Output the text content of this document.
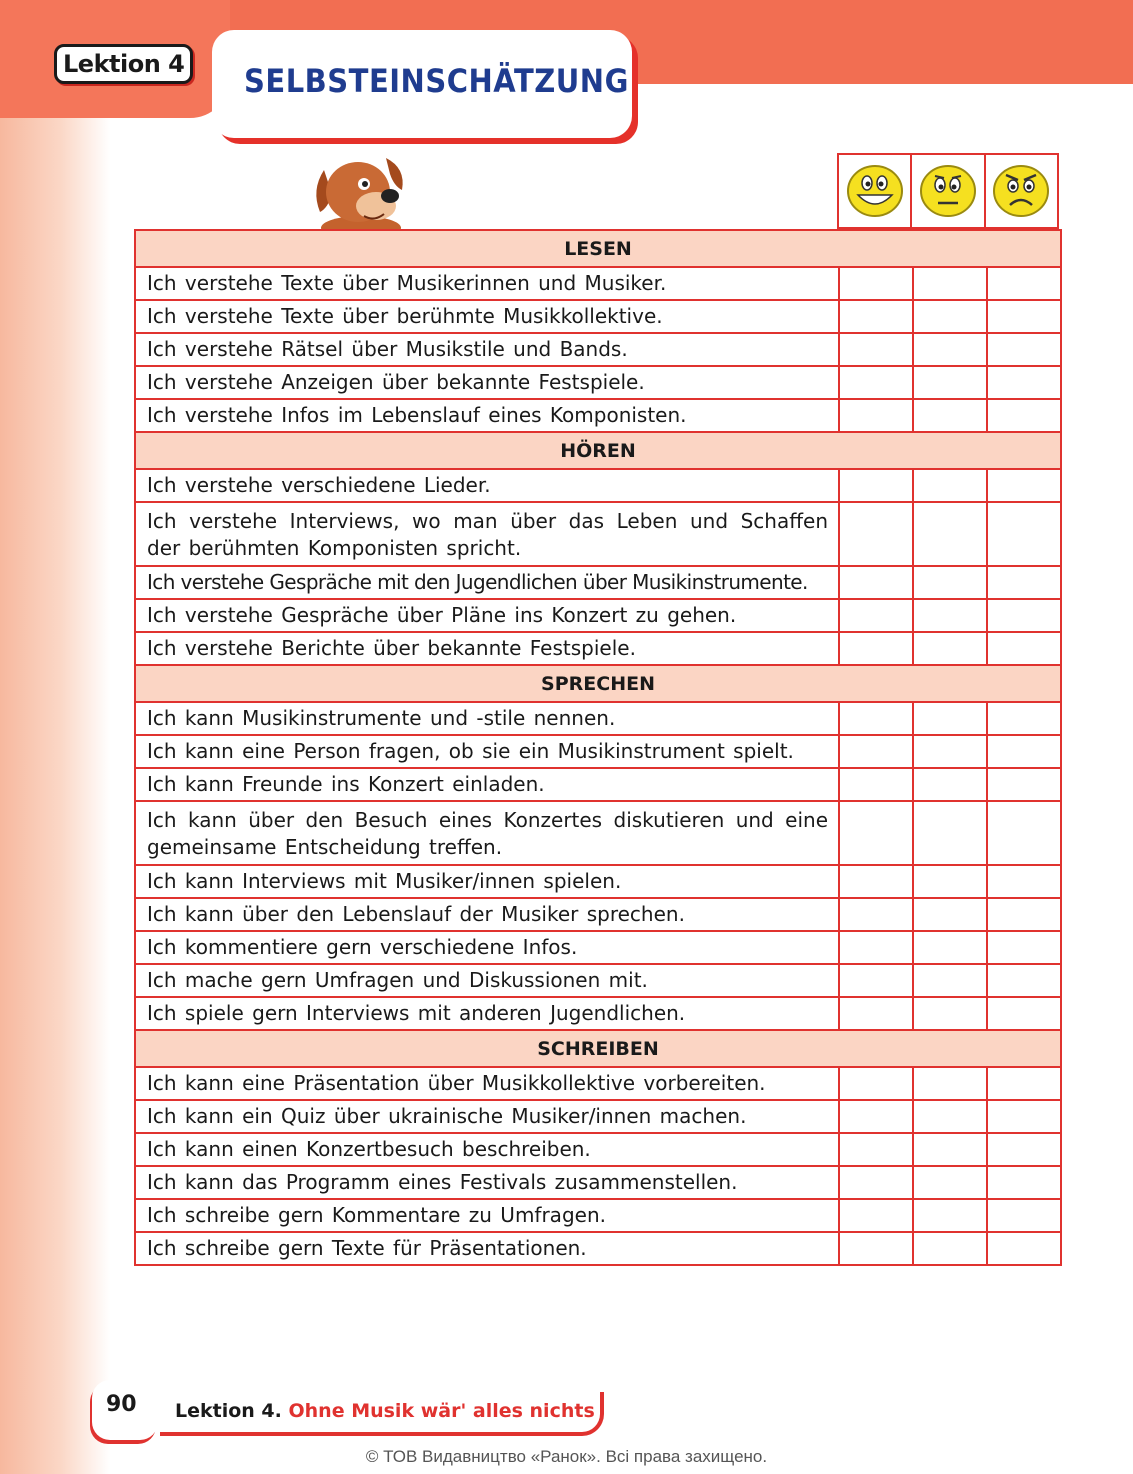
Lektion 4	SELBSTEINSCHÄTZUNG
LESEN			
Ich verstehe Texte über Musikerinnen und Musiker.			
Ich verstehe Texte über berühmte Musikkollektive.			
Ich verstehe Rätsel über Musikstile und Bands.			
Ich verstehe Anzeigen über bekannte Festspiele.			
Ich verstehe Infos im Lebenslauf eines Komponisten.			
HÖREN			
Ich verstehe verschiedene Lieder.			
Ich verstehe Interviews, wo man über das Leben und Schaffen der berühmten Komponisten spricht.			
Ich verstehe Gespräche mit den Jugendlichen über Musikinstrumente.			
Ich verstehe Gespräche über Pläne ins Konzert zu gehen.			
Ich verstehe Berichte über bekannte Festspiele.			
SPRECHEN			
Ich kann Musikinstrumente und -stile nennen.			
Ich kann eine Person fragen, ob sie ein Musikinstrument spielt.			
Ich kann Freunde ins Konzert einladen.			
Ich kann über den Besuch eines Konzertes diskutieren und eine gemeinsame Entscheidung treffen.			
Ich kann Interviews mit Musiker/innen spielen.			
Ich kann über den Lebenslauf der Musiker sprechen.			
Ich kommentiere gern verschiedene Infos.			
Ich mache gern Umfragen und Diskussionen mit.			
Ich spiele gern Interviews mit anderen Jugendlichen.			
SCHREIBEN			
Ich kann eine Präsentation über Musikkollektive vorbereiten.			
Ich kann ein Quiz über ukrainische Musiker/innen machen.			
Ich kann einen Konzertbesuch beschreiben.			
Ich kann das Programm eines Festivals zusammenstellen.			
Ich schreibe gern Kommentare zu Umfragen.			
Ich schreibe gern Texte für Präsentationen.			
90 Lektion 4. Ohne Musik wär' alles nichts
© ТОВ Видавництво «Ранок». Всі права захищено.
